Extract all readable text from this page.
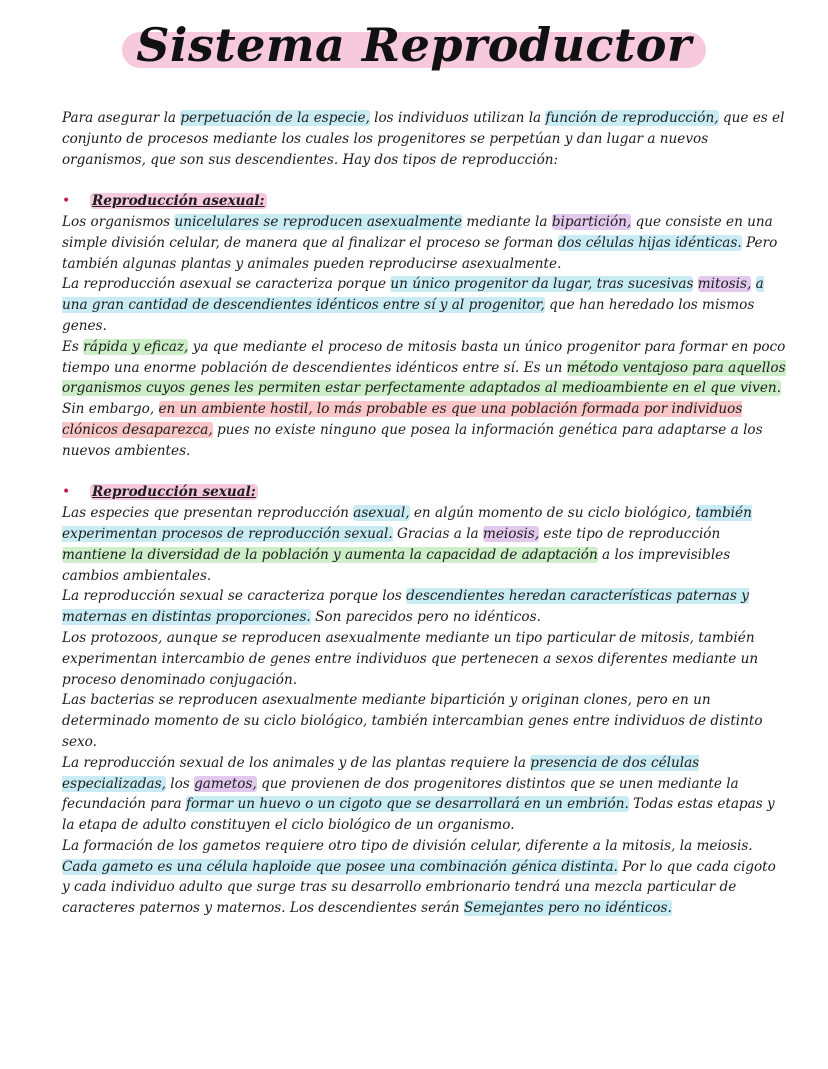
Sistema Reproductor

Para asegurar la perpetuación de la especie, los individuos utilizan la función de reproducción, que es el conjunto de procesos mediante los cuales los progenitores se perpetúan y dan lugar a nuevos organismos, que son sus descendientes. Hay dos tipos de reproducción:

• Reproducción asexual:

Los organismos unicelulares se reproducen asexualmente mediante la bipartición, que consiste en una simple división celular, de manera que al finalizar el proceso se forman dos células hijas idénticas. Pero también algunas plantas y animales pueden reproducirse asexualmente.

La reproducción asexual se caracteriza porque un único progenitor da lugar, tras sucesivas mitosis, a una gran cantidad de descendientes idénticos entre sí y al progenitor, que han heredado los mismos genes.

Es rápida y eficaz, ya que mediante el proceso de mitosis basta un único progenitor para formar en poco tiempo una enorme población de descendientes idénticos entre sí. Es un método ventajoso para aquellos organismos cuyos genes les permiten estar perfectamente adaptados al medioambiente en el que viven. Sin embargo, en un ambiente hostil, lo más probable es que una población formada por individuos clónicos desaparezca, pues no existe ninguno que posea la información genética para adaptarse a los nuevos ambientes.

• Reproducción sexual:

Las especies que presentan reproducción asexual, en algún momento de su ciclo biológico, también experimentan procesos de reproducción sexual. Gracias a la meiosis, este tipo de reproducción mantiene la diversidad de la población y aumenta la capacidad de adaptación a los imprevisibles cambios ambientales.

La reproducción sexual se caracteriza porque los descendientes heredan características paternas y maternas en distintas proporciones. Son parecidos pero no idénticos.

Los protozoos, aunque se reproducen asexualmente mediante un tipo particular de mitosis, también experimentan intercambio de genes entre individuos que pertenecen a sexos diferentes mediante un proceso denominado conjugación.

Las bacterias se reproducen asexualmente mediante bipartición y originan clones, pero en un determinado momento de su ciclo biológico, también intercambian genes entre individuos de distinto sexo.

La reproducción sexual de los animales y de las plantas requiere la presencia de dos células especializadas, los gametos, que provienen de dos progenitores distintos que se unen mediante la fecundación para formar un huevo o un cigoto que se desarrollará en un embrión. Todas estas etapas y la etapa de adulto constituyen el ciclo biológico de un organismo.

La formación de los gametos requiere otro tipo de división celular, diferente a la mitosis, la meiosis. Cada gameto es una célula haploide que posee una combinación génica distinta. Por lo que cada cigoto y cada individuo adulto que surge tras su desarrollo embrionario tendrá una mezcla particular de caracteres paternos y maternos. Los descendientes serán Semejantes pero no idénticos.
